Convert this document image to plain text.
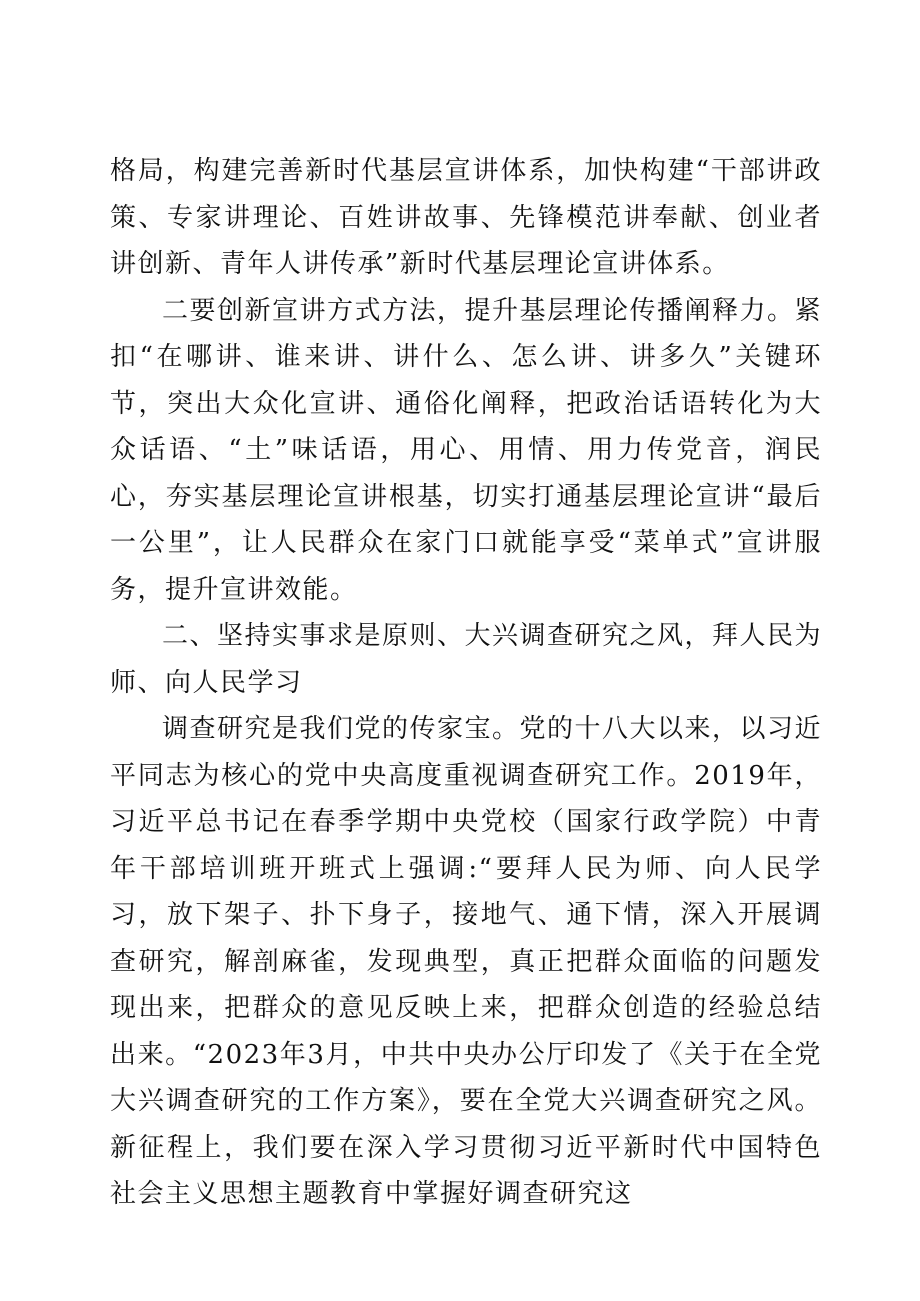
格局，构建完善新时代基层宣讲体系，加快构建“干部讲政策、专家讲理论、百姓讲故事、先锋模范讲奉献、创业者讲创新、青年人讲传承”新时代基层理论宣讲体系。

二要创新宣讲方式方法，提升基层理论传播阐释力。紧扣“在哪讲、谁来讲、讲什么、怎么讲、讲多久”关键环节，突出大众化宣讲、通俗化阐释，把政治话语转化为大众话语、“土”味话语，用心、用情、用力传党音，润民心，夯实基层理论宣讲根基，切实打通基层理论宣讲“最后一公里”，让人民群众在家门口就能享受“菜单式”宣讲服务，提升宣讲效能。

二、坚持实事求是原则、大兴调查研究之风，拜人民为师、向人民学习

调查研究是我们党的传家宝。党的十八大以来，以习近平同志为核心的党中央高度重视调查研究工作。2019年，习近平总书记在春季学期中央党校（国家行政学院）中青年干部培训班开班式上强调:“要拜人民为师、向人民学习，放下架子、扑下身子，接地气、通下情，深入开展调查研究，解剖麻雀，发现典型，真正把群众面临的问题发现出来，把群众的意见反映上来，把群众创造的经验总结出来。“2023年3月，中共中央办公厅印发了《关于在全党大兴调查研究的工作方案》，要在全党大兴调查研究之风。新征程上，我们要在深入学习贯彻习近平新时代中国特色社会主义思想主题教育中掌握好调查研究这
